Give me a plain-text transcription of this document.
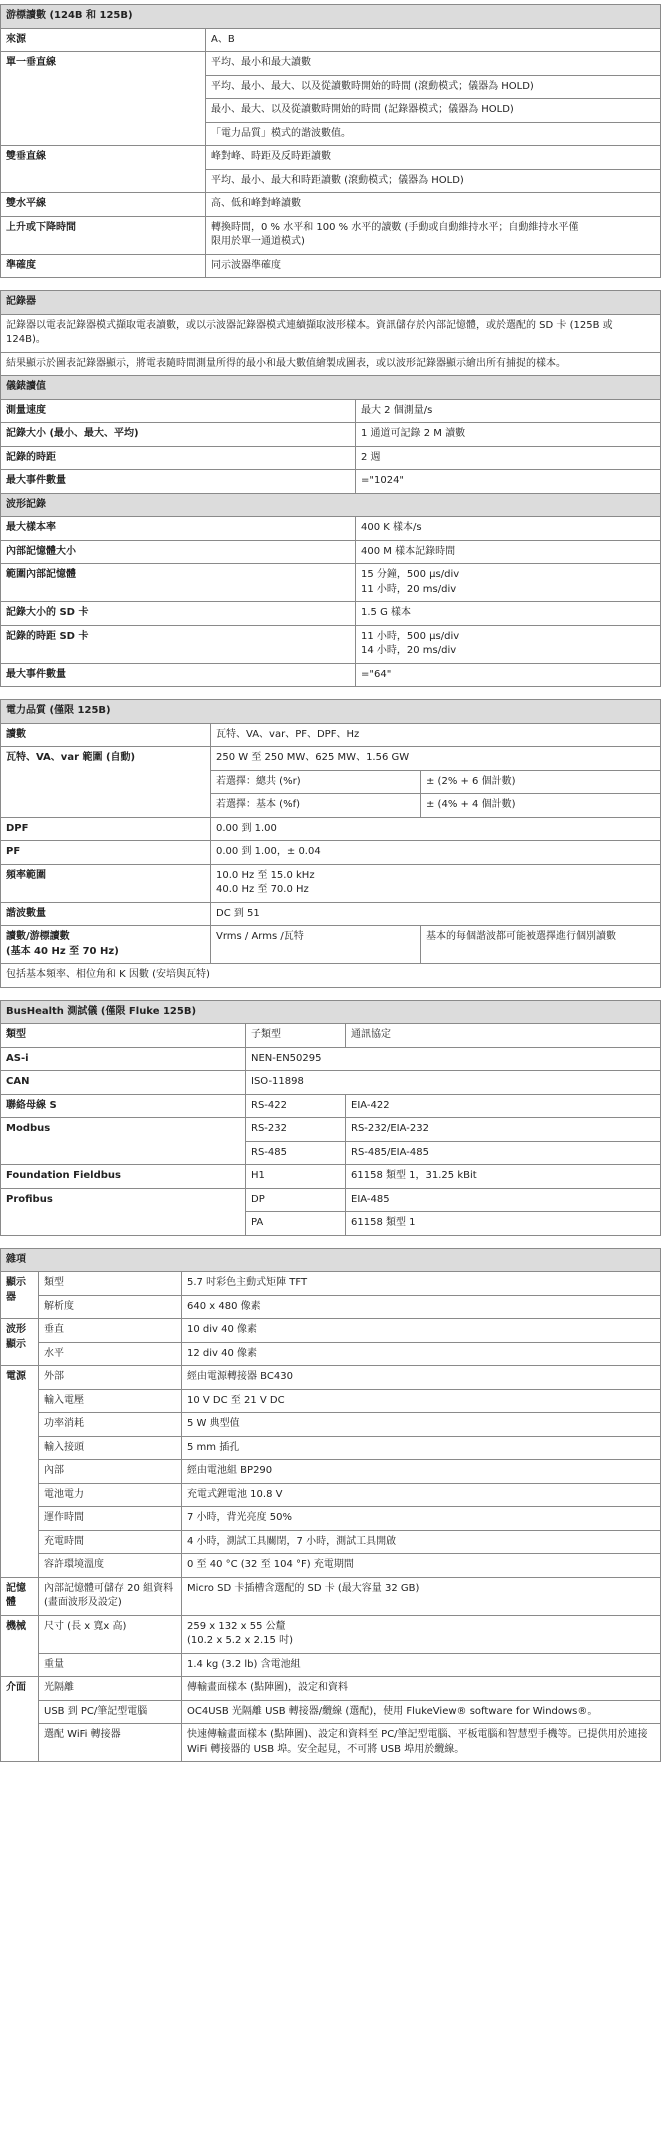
游標讀數 (124B 和 125B)	
來源	A、B
單一垂直線	平均、最小和最大讀數
	平均、最小、最大、以及從讀數時開始的時間 (滾動模式；儀器為 HOLD)
	最小、最大、以及從讀數時開始的時間 (記錄器模式；儀器為 HOLD)
	「電力品質」模式的諧波數值。
雙垂直線	峰對峰、時距及反時距讀數
	平均、最小、最大和時距讀數 (滾動模式；儀器為 HOLD)
雙水平線	高、低和峰對峰讀數
上升或下降時間	轉換時間，0 % 水平和 100 % 水平的讀數 (手動或自動維持水平；自動維持水平僅
限用於單一通道模式)
準確度	同示波器準確度
記錄器	
記錄器以電表記錄器模式擷取電表讀數，或以示波器記錄器模式連續擷取波形樣本。資訊儲存於內部記憶體，或於選配的 SD 卡 (125B 或 124B)。	
結果顯示於圖表記錄器顯示，將電表隨時間測量所得的最小和最大數值繪製成圖表，或以波形記錄器顯示繪出所有捕捉的樣本。	
儀錶讀值	
測量速度	最大 2 個測量/s
記錄大小 (最小、最大、平均)	1 通道可記錄 2 M 讀數
記錄的時距	2 週
最大事件數量	="1024"
波形記錄	
最大樣本率	400 K 樣本/s
內部記憶體大小	400 M 樣本記錄時間
範圍內部記憶體	15 分鐘，500 µs/div
11 小時，20 ms/div
記錄大小的 SD 卡	1.5 G 樣本
記錄的時距 SD 卡	11 小時，500 µs/div
14 小時，20 ms/div
最大事件數量	="64"
電力品質 (僅限 125B)		
讀數	瓦特、VA、var、PF、DPF、Hz	
瓦特、VA、var 範圍 (自動)	250 W 至 250 MW、625 MW、1.56 GW	
	若選擇：總共 (%r)	± (2% + 6 個計數)
	若選擇：基本 (%f)	± (4% + 4 個計數)
DPF	0.00 到 1.00	
PF	0.00 到 1.00，± 0.04	
頻率範圍	10.0 Hz 至 15.0 kHz
40.0 Hz 至 70.0 Hz	
諧波數量	DC 到 51	
讀數/游標讀數
(基本 40 Hz 至 70 Hz)	Vrms / Arms /瓦特	基本的每個諧波都可能被選擇進行個別讀數
包括基本頻率、相位角和 K 因數 (安培與瓦特)		
BusHealth 測試儀 (僅限 Fluke 125B)		
類型	子類型	通訊協定
AS-i	NEN-EN50295	
CAN	ISO-11898	
聯絡母線 S	RS-422	EIA-422
Modbus	RS-232	RS-232/EIA-232
	RS-485	RS-485/EIA-485
Foundation Fieldbus	H1	61158 類型 1，31.25 kBit
Profibus	DP	EIA-485
	PA	61158 類型 1
雜項		
顯示器	類型	5.7 吋彩色主動式矩陣 TFT
	解析度	640 x 480 像素
波形顯示	垂直	10 div 40 像素
	水平	12 div 40 像素
電源	外部	經由電源轉接器 BC430
	輸入電壓	10 V DC 至 21 V DC
	功率消耗	5 W 典型值
	輸入接頭	5 mm 插孔
	內部	經由電池組 BP290
	電池電力	充電式鋰電池 10.8 V
	運作時間	7 小時，背光亮度 50%
	充電時間	4 小時，測試工具關閉，7 小時，測試工具開啟
	容許環境溫度	0 至 40 °C (32 至 104 °F) 充電期間
記憶體	內部記憶體可儲存 20 組資料 (畫面波形及設定)	Micro SD 卡插槽含選配的 SD 卡 (最大容量 32 GB)
機械	尺寸 (長 x 寬x 高)	259 x 132 x 55 公釐
(10.2 x 5.2 x 2.15 吋)
	重量	1.4 kg (3.2 lb) 含電池組
介面	光隔離	傳輸畫面樣本 (點陣圖)，設定和資料
	USB 到 PC/筆記型電腦	OC4USB 光隔離 USB 轉接器/纜線 (選配)，使用 FlukeView® software for Windows®。
	選配 WiFi 轉接器	快速傳輸畫面樣本 (點陣圖)、設定和資料至 PC/筆記型電腦、平板電腦和智慧型手機等。已提供用於連接 WiFi 轉接器的 USB 埠。安全起見，不可將 USB 埠用於纜線。
